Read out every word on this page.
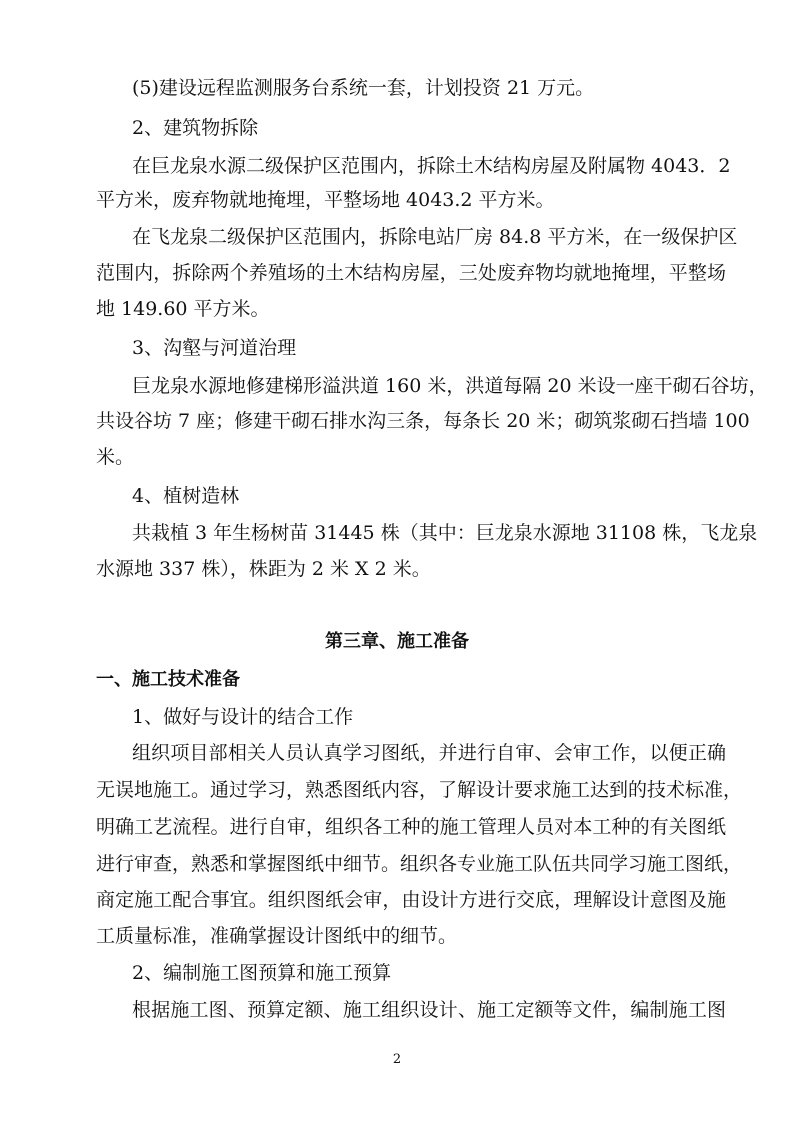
(5)建设远程监测服务台系统一套，计划投资 21 万元。
2、建筑物拆除
在巨龙泉水源二级保护区范围内，拆除土木结构房屋及附属物 4043．2
平方米，废弃物就地掩埋，平整场地 4043.2 平方米。
在飞龙泉二级保护区范围内，拆除电站厂房 84.8 平方米，在一级保护区
范围内，拆除两个养殖场的土木结构房屋，三处废弃物均就地掩埋，平整场
地 149.60 平方米。
3、沟壑与河道治理
巨龙泉水源地修建梯形溢洪道 160 米，洪道每隔 20 米设一座干砌石谷坊，
共设谷坊 7 座；修建干砌石排水沟三条，每条长 20 米；砌筑浆砌石挡墙 100
米。
4、植树造林
共栽植 3 年生杨树苗 31445 株（其中：巨龙泉水源地 31108 株，飞龙泉
水源地 337 株），株距为 2 米 X 2 米。
第三章、施工准备
一、施工技术准备
1、做好与设计的结合工作
组织项目部相关人员认真学习图纸，并进行自审、会审工作，以便正确
无误地施工。通过学习，熟悉图纸内容，了解设计要求施工达到的技术标准，
明确工艺流程。进行自审，组织各工种的施工管理人员对本工种的有关图纸
进行审查，熟悉和掌握图纸中细节。组织各专业施工队伍共同学习施工图纸，
商定施工配合事宜。组织图纸会审，由设计方进行交底，理解设计意图及施
工质量标准，准确掌握设计图纸中的细节。
2、编制施工图预算和施工预算
根据施工图、预算定额、施工组织设计、施工定额等文件，编制施工图
2
